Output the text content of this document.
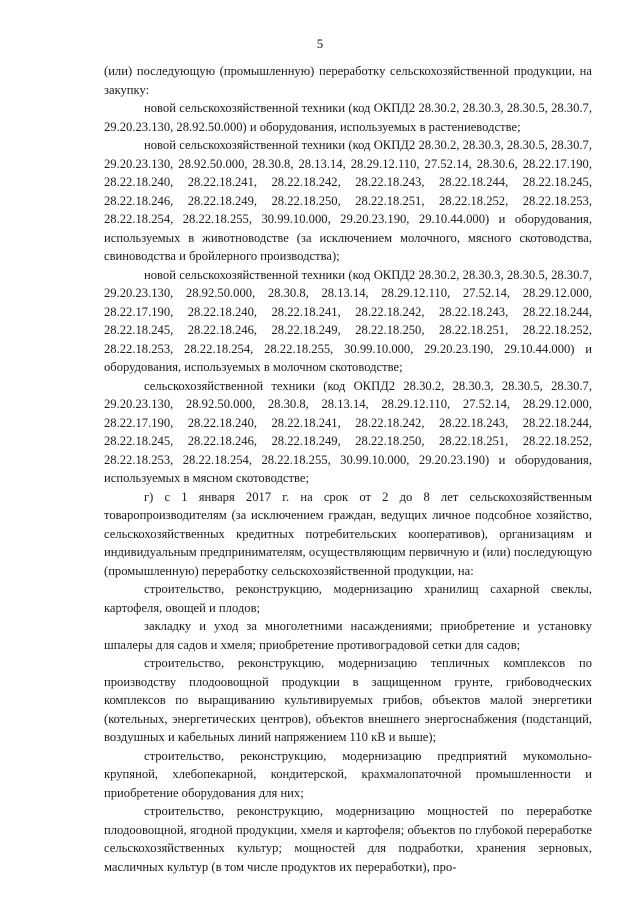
5

(или) последующую (промышленную) переработку сельскохозяйственной продукции, на закупку:

новой сельскохозяйственной техники (код ОКПД2 28.30.2, 28.30.3, 28.30.5, 28.30.7, 29.20.23.130, 28.92.50.000) и оборудования, используемых в растениеводстве;

новой сельскохозяйственной техники (код ОКПД2 28.30.2, 28.30.3, 28.30.5, 28.30.7, 29.20.23.130, 28.92.50.000, 28.30.8, 28.13.14, 28.29.12.110, 27.52.14, 28.30.6, 28.22.17.190, 28.22.18.240, 28.22.18.241, 28.22.18.242, 28.22.18.243, 28.22.18.244, 28.22.18.245, 28.22.18.246, 28.22.18.249, 28.22.18.250, 28.22.18.251, 28.22.18.252, 28.22.18.253, 28.22.18.254, 28.22.18.255, 30.99.10.000, 29.20.23.190, 29.10.44.000) и оборудования, используемых в животноводстве (за исключением молочного, мясного скотоводства, свиноводства и бройлерного производства);

новой сельскохозяйственной техники (код ОКПД2 28.30.2, 28.30.3, 28.30.5, 28.30.7, 29.20.23.130, 28.92.50.000, 28.30.8, 28.13.14, 28.29.12.110, 27.52.14, 28.29.12.000, 28.22.17.190, 28.22.18.240, 28.22.18.241, 28.22.18.242, 28.22.18.243, 28.22.18.244, 28.22.18.245, 28.22.18.246, 28.22.18.249, 28.22.18.250, 28.22.18.251, 28.22.18.252, 28.22.18.253, 28.22.18.254, 28.22.18.255, 30.99.10.000, 29.20.23.190, 29.10.44.000) и оборудования, используемых в молочном скотоводстве;

сельскохозяйственной техники (код ОКПД2 28.30.2, 28.30.3, 28.30.5, 28.30.7, 29.20.23.130, 28.92.50.000, 28.30.8, 28.13.14, 28.29.12.110, 27.52.14, 28.29.12.000, 28.22.17.190, 28.22.18.240, 28.22.18.241, 28.22.18.242, 28.22.18.243, 28.22.18.244, 28.22.18.245, 28.22.18.246, 28.22.18.249, 28.22.18.250, 28.22.18.251, 28.22.18.252, 28.22.18.253, 28.22.18.254, 28.22.18.255, 30.99.10.000, 29.20.23.190) и оборудования, используемых в мясном скотоводстве;

г) с 1 января 2017 г. на срок от 2 до 8 лет сельскохозяйственным товаропроизводителям (за исключением граждан, ведущих личное подсобное хозяйство, сельскохозяйственных кредитных потребительских кооперативов), организациям и индивидуальным предпринимателям, осуществляющим первичную и (или) последующую (промышленную) переработку сельскохозяйственной продукции, на:

строительство, реконструкцию, модернизацию хранилищ сахарной свеклы, картофеля, овощей и плодов;

закладку и уход за многолетними насаждениями; приобретение и установку шпалеры для садов и хмеля; приобретение противоградовой сетки для садов;

строительство, реконструкцию, модернизацию тепличных комплексов по производству плодоовощной продукции в защищенном грунте, грибоводческих комплексов по выращиванию культивируемых грибов, объектов малой энергетики (котельных, энергетических центров), объектов внешнего энергоснабжения (подстанций, воздушных и кабельных линий напряжением 110 кВ и выше);

строительство, реконструкцию, модернизацию предприятий мукомольно-крупяной, хлебопекарной, кондитерской, крахмалопаточной промышленности и приобретение оборудования для них;

строительство, реконструкцию, модернизацию мощностей по переработке плодоовощной, ягодной продукции, хмеля и картофеля; объектов по глубокой переработке сельскохозяйственных культур; мощностей для подработки, хранения зерновых, масличных культур (в том числе продуктов их переработки), про-
